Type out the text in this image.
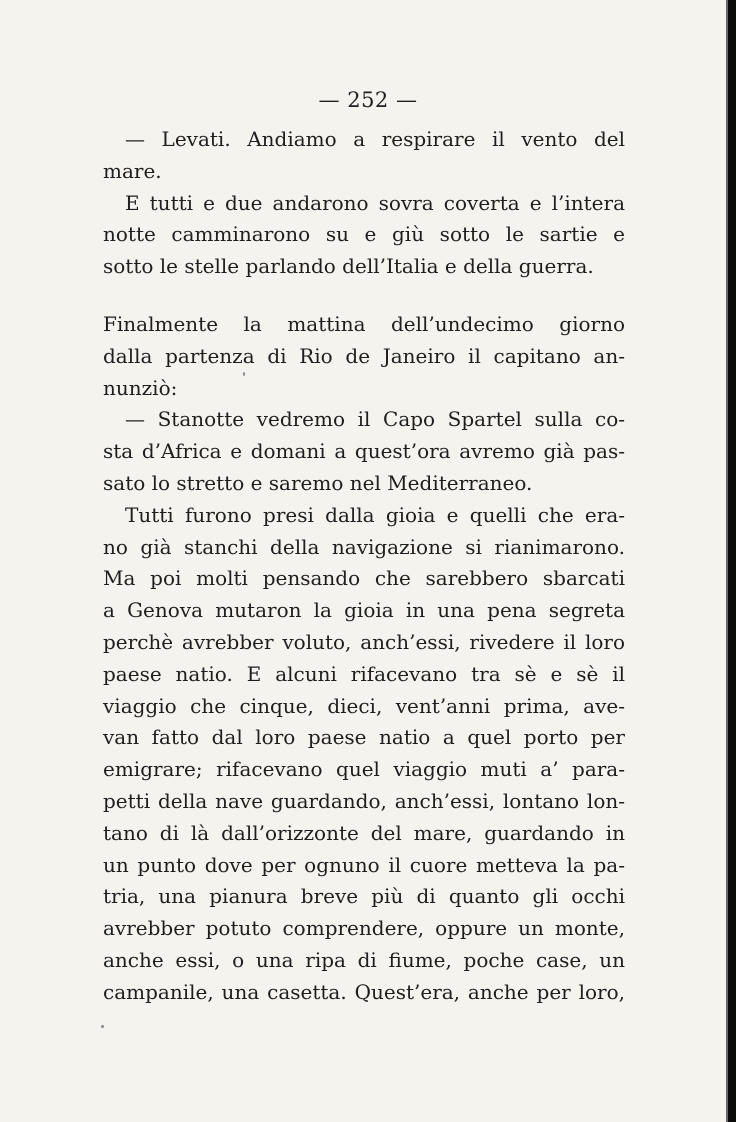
— 252 —
— Levati. Andiamo a respirare il vento del
mare.
E tutti e due andarono sovra coverta e l’intera
notte camminarono su e giù sotto le sartie e
sotto le stelle parlando dell’Italia e della guerra.
Finalmente la mattina dell’undecimo giorno
dalla partenza di Rio de Janeiro il capitano an-
nunziò:
— Stanotte vedremo il Capo Spartel sulla co-
sta d’Africa e domani a quest’ora avremo già pas-
sato lo stretto e saremo nel Mediterraneo.
Tutti furono presi dalla gioia e quelli che era-
no già stanchi della navigazione si rianimarono.
Ma poi molti pensando che sarebbero sbarcati
a Genova mutaron la gioia in una pena segreta
perchè avrebber voluto, anch’essi, rivedere il loro
paese natio. E alcuni rifacevano tra sè e sè il
viaggio che cinque, dieci, vent’anni prima, ave-
van fatto dal loro paese natio a quel porto per
emigrare; rifacevano quel viaggio muti a’ para-
petti della nave guardando, anch’essi, lontano lon-
tano di là dall’orizzonte del mare, guardando in
un punto dove per ognuno il cuore metteva la pa-
tria, una pianura breve più di quanto gli occhi
avrebber potuto comprendere, oppure un monte,
anche essi, o una ripa di fiume, poche case, un
campanile, una casetta. Quest’era, anche per loro,
